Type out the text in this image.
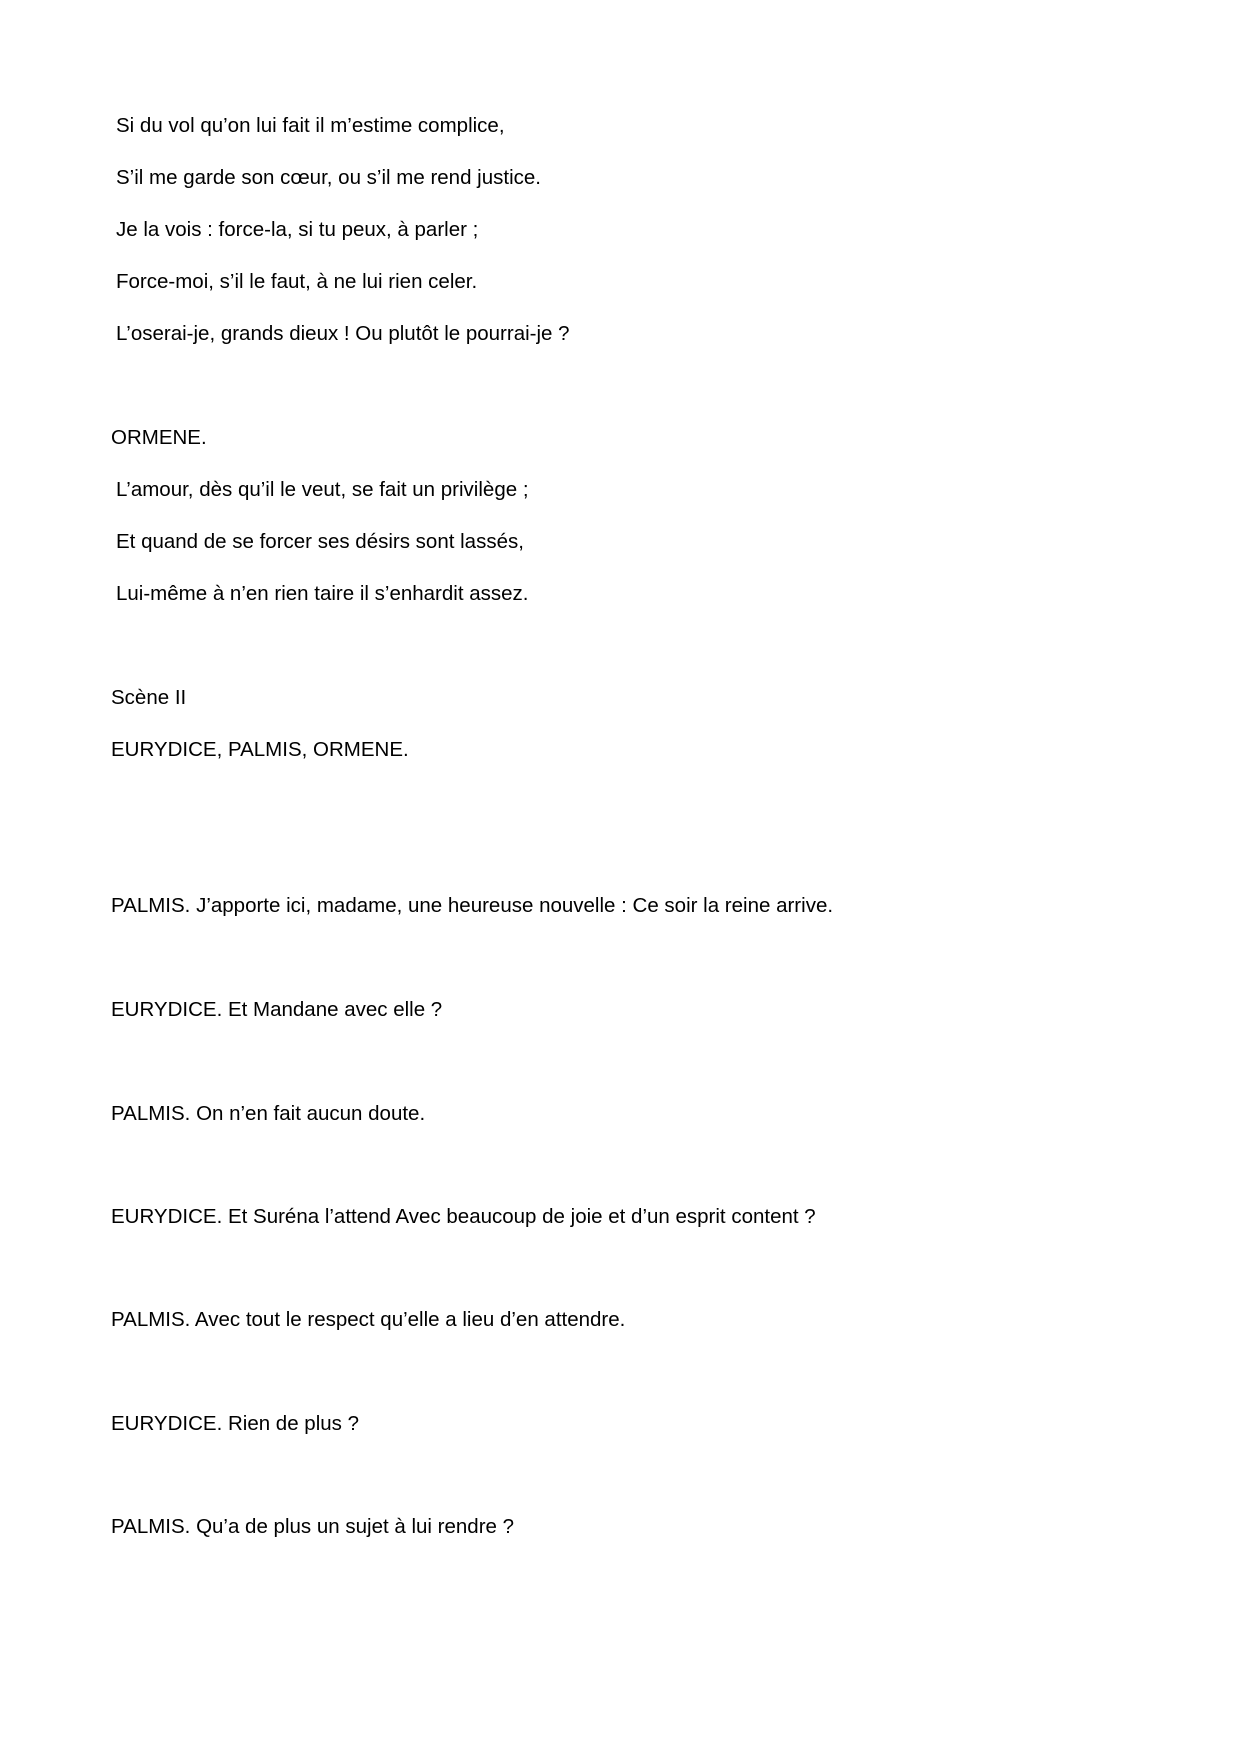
Si du vol qu’on lui fait il m’estime complice,

S’il me garde son cœur, ou s’il me rend justice.

Je la vois : force-la, si tu peux, à parler ;

Force-moi, s’il le faut, à ne lui rien celer.

L’oserai-je, grands dieux ! Ou plutôt le pourrai-je ?

ORMENE.

L’amour, dès qu’il le veut, se fait un privilège ;

Et quand de se forcer ses désirs sont lassés,

Lui-même à n’en rien taire il s’enhardit assez.

Scène II

EURYDICE, PALMIS, ORMENE.

PALMIS. J’apporte ici, madame, une heureuse nouvelle : Ce soir la reine arrive.

EURYDICE. Et Mandane avec elle ?

PALMIS. On n’en fait aucun doute.

EURYDICE. Et Suréna l’attend Avec beaucoup de joie et d’un esprit content ?

PALMIS. Avec tout le respect qu’elle a lieu d’en attendre.

EURYDICE. Rien de plus ?

PALMIS. Qu’a de plus un sujet à lui rendre ?
